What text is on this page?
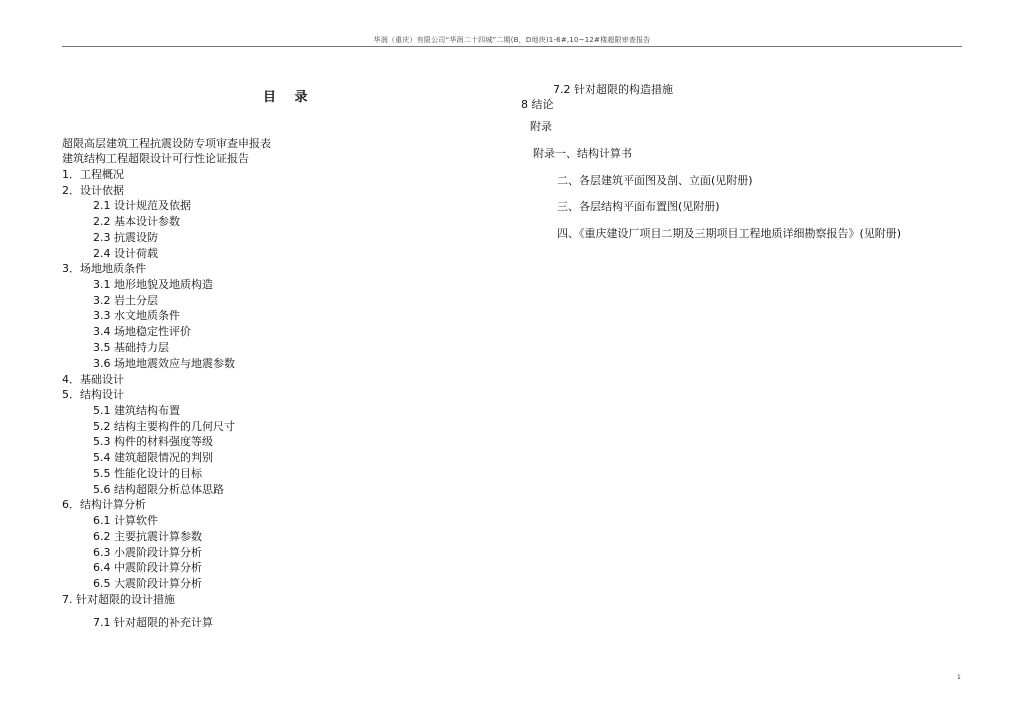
华润（重庆）有限公司“华润二十四城”二期(B，D地块)1-6#,10~12#楼超限审查报告
目 录
超限高层建筑工程抗震设防专项审查申报表
建筑结构工程超限设计可行性论证报告
1．工程概况
2．设计依据
2.1 设计规范及依据
2.2 基本设计参数
2.3 抗震设防
2.4 设计荷载
3．场地地质条件
3.1 地形地貌及地质构造
3.2 岩土分层
3.3 水文地质条件
3.4 场地稳定性评价
3.5 基础持力层
3.6 场地地震效应与地震参数
4．基础设计
5．结构设计
5.1 建筑结构布置
5.2 结构主要构件的几何尺寸
5.3 构件的材料强度等级
5.4 建筑超限情况的判别
5.5 性能化设计的目标
5.6 结构超限分析总体思路
6．结构计算分析
6.1 计算软件
6.2 主要抗震计算参数
6.3 小震阶段计算分析
6.4 中震阶段计算分析
6.5 大震阶段计算分析
7. 针对超限的设计措施
7.1 针对超限的补充计算
7.2 针对超限的构造措施
8 结论
附录
附录一、结构计算书
二、各层建筑平面图及剖、立面(见附册)
三、各层结构平面布置图(见附册)
四、《重庆建设厂项目二期及三期项目工程地质详细勘察报告》(见附册)
1
